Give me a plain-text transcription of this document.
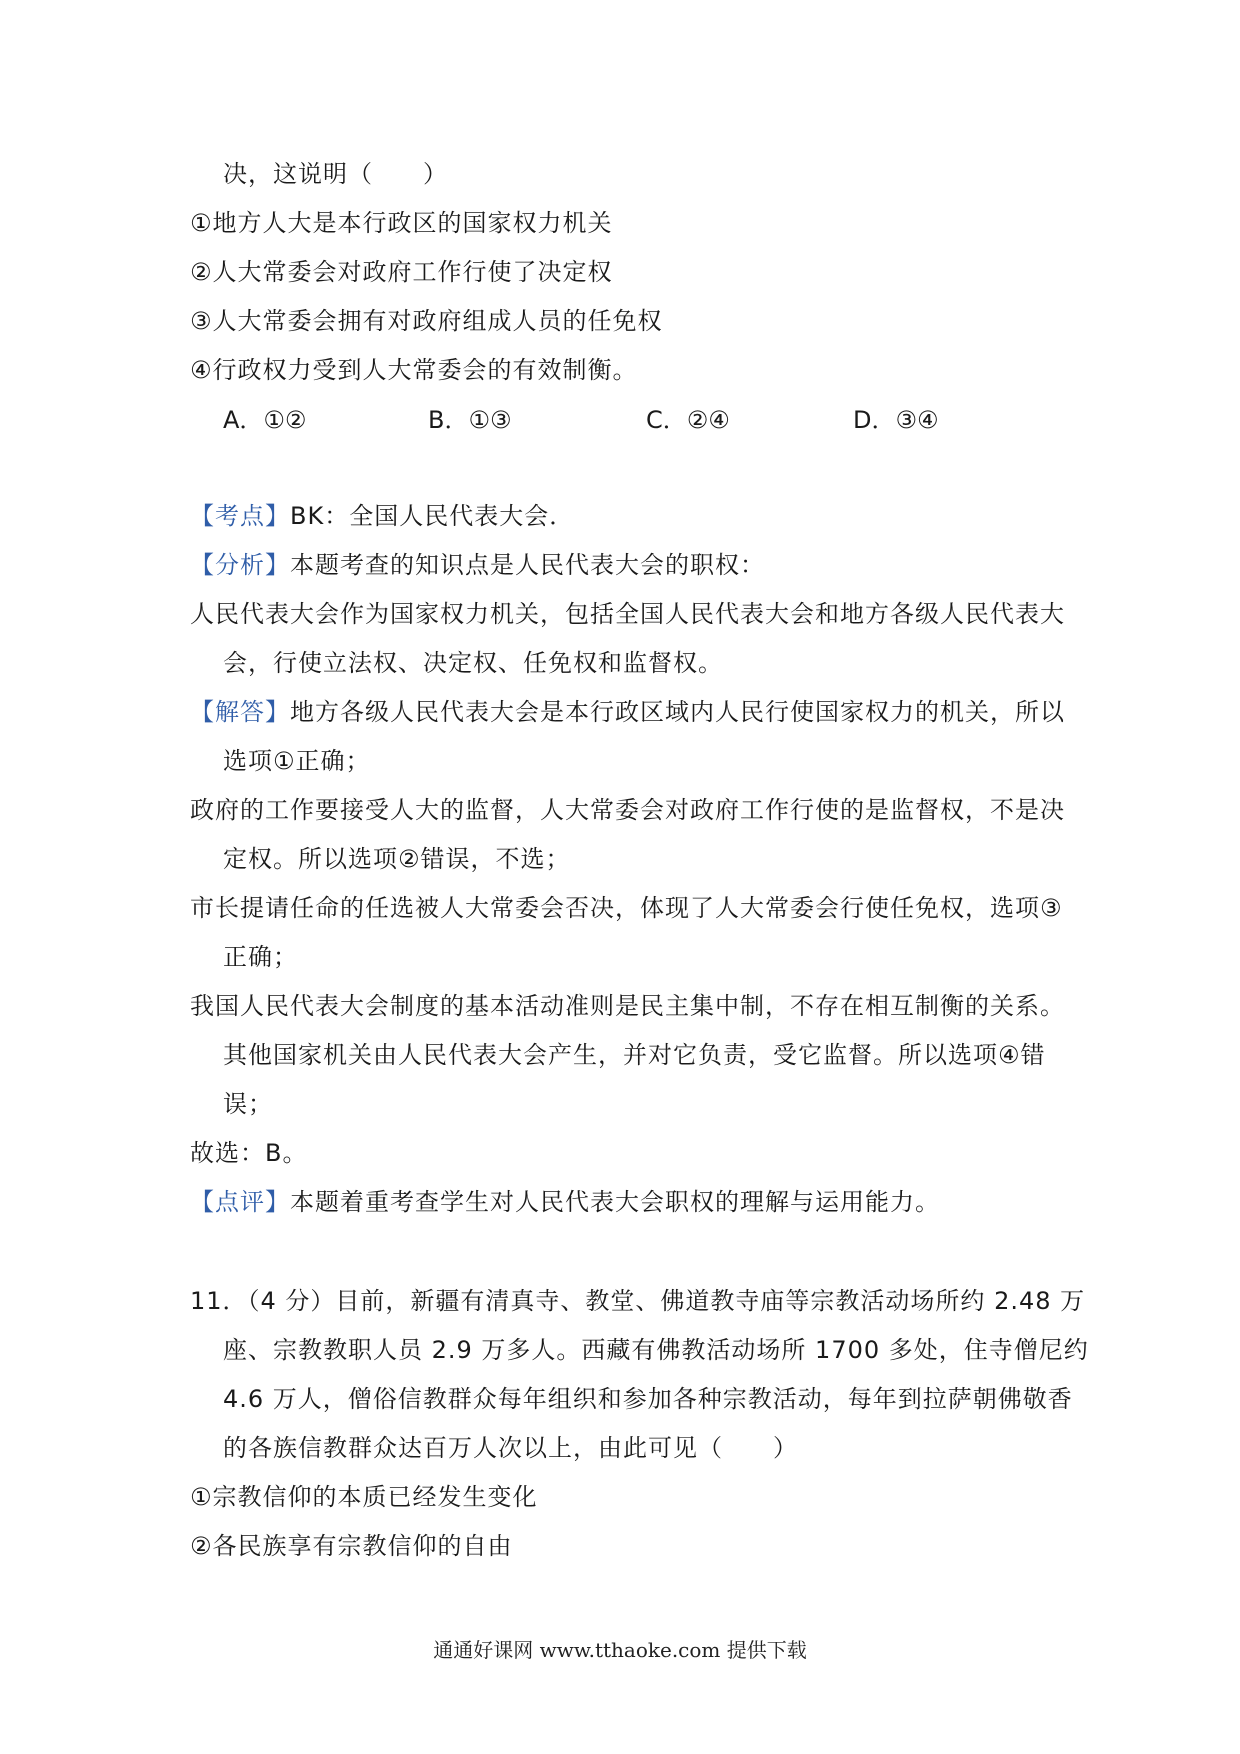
决，这说明（　　）
①地方人大是本行政区的国家权力机关
②人大常委会对政府工作行使了决定权
③人大常委会拥有对政府组成人员的任免权
④行政权力受到人大常委会的有效制衡。
A．①②	B．①③	C．②④	D．③④
【考点】BK：全国人民代表大会．
【分析】本题考查的知识点是人民代表大会的职权：
人民代表大会作为国家权力机关，包括全国人民代表大会和地方各级人民代表大
会，行使立法权、决定权、任免权和监督权。
【解答】地方各级人民代表大会是本行政区域内人民行使国家权力的机关，所以
选项①正确；
政府的工作要接受人大的监督，人大常委会对政府工作行使的是监督权，不是决
定权。所以选项②错误，不选；
市长提请任命的任选被人大常委会否决，体现了人大常委会行使任免权，选项③
正确；
我国人民代表大会制度的基本活动准则是民主集中制，不存在相互制衡的关系。
其他国家机关由人民代表大会产生，并对它负责，受它监督。所以选项④错
误；
故选：B。
【点评】本题着重考查学生对人民代表大会职权的理解与运用能力。
11．（4 分）目前，新疆有清真寺、教堂、佛道教寺庙等宗教活动场所约 2.48 万
座、宗教教职人员 2.9 万多人。西藏有佛教活动场所 1700 多处，住寺僧尼约
4.6 万人，僧俗信教群众每年组织和参加各种宗教活动，每年到拉萨朝佛敬香
的各族信教群众达百万人次以上，由此可见（　　）
①宗教信仰的本质已经发生变化
②各民族享有宗教信仰的自由
通通好课网 www.tthaoke.com 提供下载
